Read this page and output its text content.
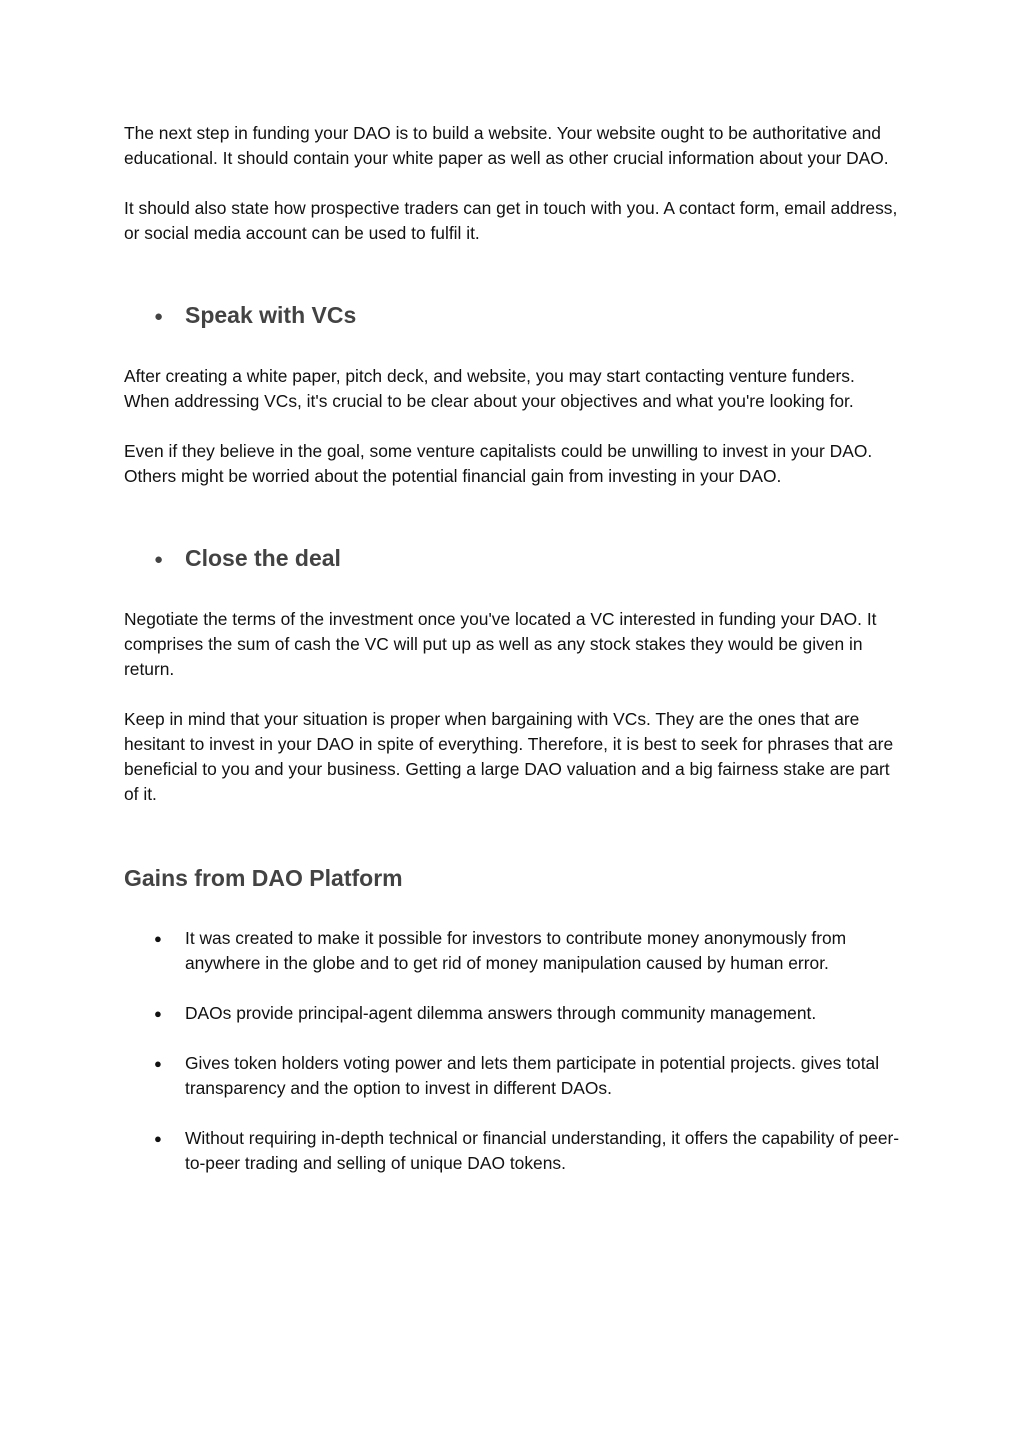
The next step in funding your DAO is to build a website. Your website ought to be authoritative and educational. It should contain your white paper as well as other crucial information about your DAO.

It should also state how prospective traders can get in touch with you. A contact form, email address, or social media account can be used to fulfil it.

● Speak with VCs

After creating a white paper, pitch deck, and website, you may start contacting venture funders. When addressing VCs, it's crucial to be clear about your objectives and what you're looking for.

Even if they believe in the goal, some venture capitalists could be unwilling to invest in your DAO. Others might be worried about the potential financial gain from investing in your DAO.

● Close the deal

Negotiate the terms of the investment once you've located a VC interested in funding your DAO. It comprises the sum of cash the VC will put up as well as any stock stakes they would be given in return.

Keep in mind that your situation is proper when bargaining with VCs. They are the ones that are hesitant to invest in your DAO in spite of everything. Therefore, it is best to seek for phrases that are beneficial to you and your business. Getting a large DAO valuation and a big fairness stake are part of it.

Gains from DAO Platform
●	It was created to make it possible for investors to contribute money anonymously from anywhere in the globe and to get rid of money manipulation caused by human error.
●	DAOs provide principal-agent dilemma answers through community management.
●	Gives token holders voting power and lets them participate in potential projects. gives total transparency and the option to invest in different DAOs.
●	Without requiring in-depth technical or financial understanding, it offers the capability of peer-to-peer trading and selling of unique DAO tokens.
